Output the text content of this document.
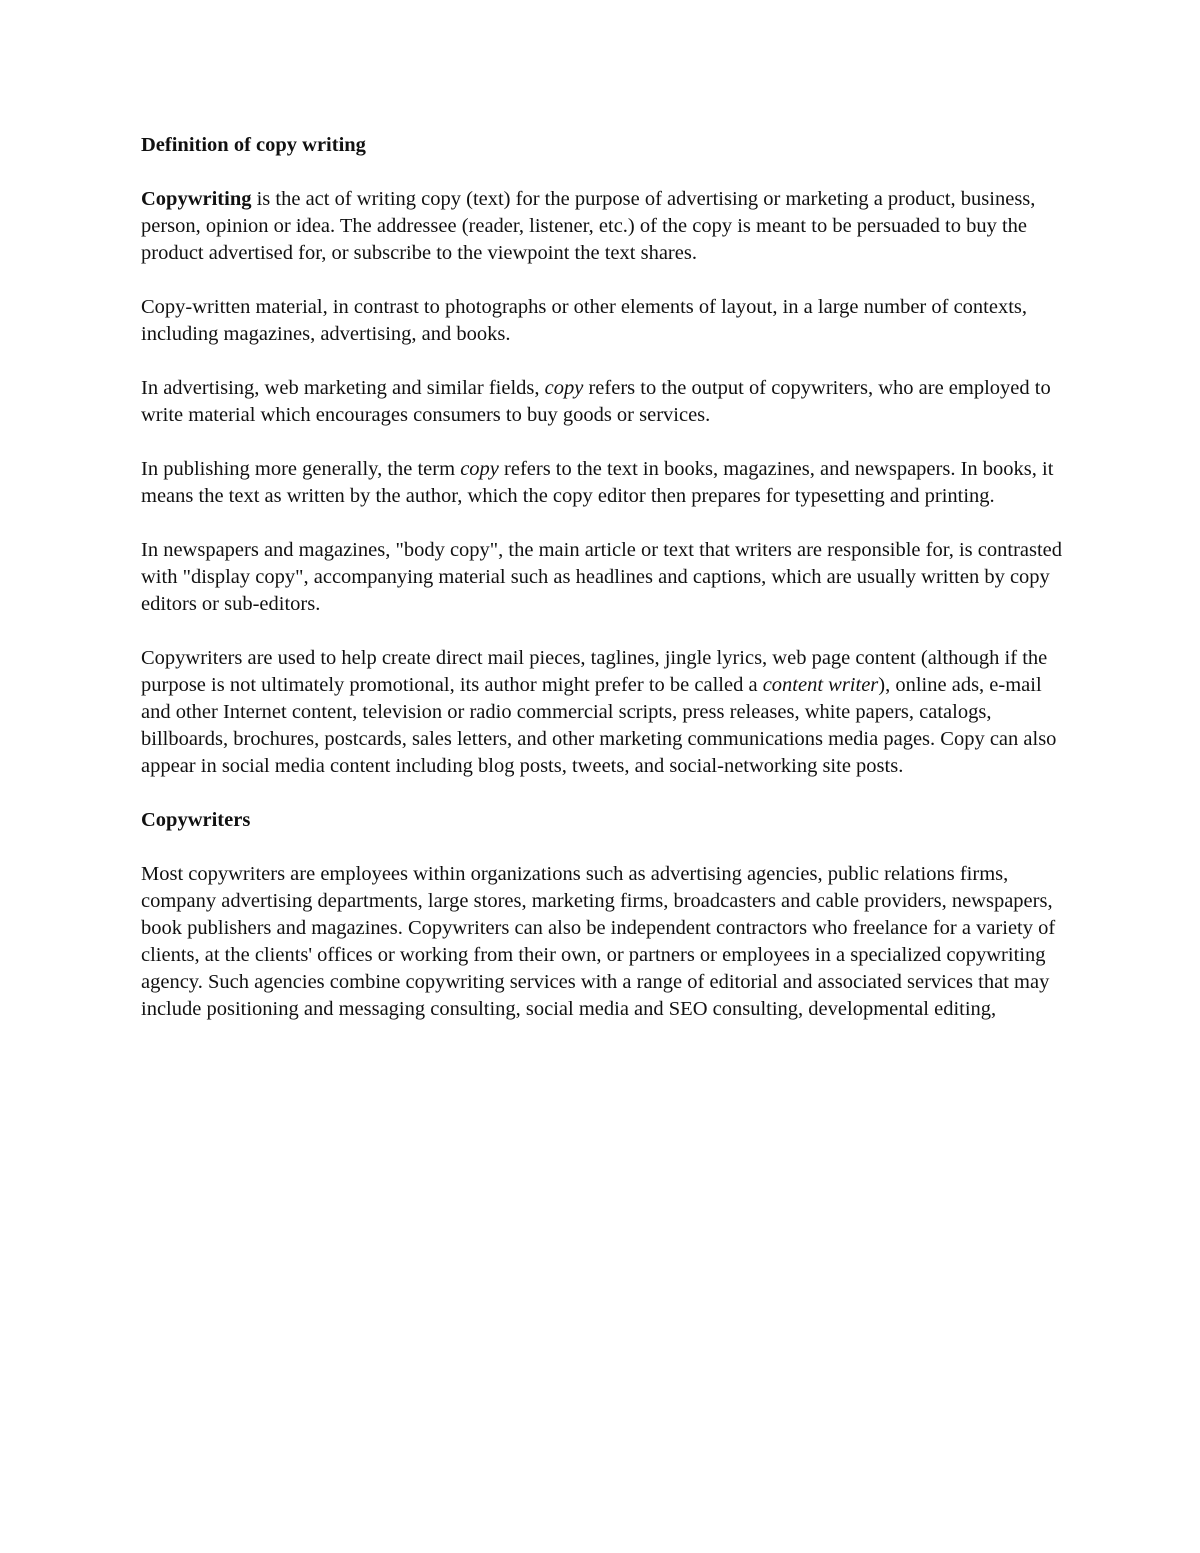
Definition of copy writing

Copywriting is the act of writing copy (text) for the purpose of advertising or marketing a product, business, person, opinion or idea. The addressee (reader, listener, etc.) of the copy is meant to be persuaded to buy the product advertised for, or subscribe to the viewpoint the text shares.

Copy-written material, in contrast to photographs or other elements of layout, in a large number of contexts, including magazines, advertising, and books.

In advertising, web marketing and similar fields, copy refers to the output of copywriters, who are employed to write material which encourages consumers to buy goods or services.

In publishing more generally, the term copy refers to the text in books, magazines, and newspapers. In books, it means the text as written by the author, which the copy editor then prepares for typesetting and printing.

In newspapers and magazines, "body copy", the main article or text that writers are responsible for, is contrasted with "display copy", accompanying material such as headlines and captions, which are usually written by copy editors or sub-editors.

Copywriters are used to help create direct mail pieces, taglines, jingle lyrics, web page content (although if the purpose is not ultimately promotional, its author might prefer to be called a content writer), online ads, e-mail and other Internet content, television or radio commercial scripts, press releases, white papers, catalogs, billboards, brochures, postcards, sales letters, and other marketing communications media pages. Copy can also appear in social media content including blog posts, tweets, and social-networking site posts.

Copywriters

Most copywriters are employees within organizations such as advertising agencies, public relations firms, company advertising departments, large stores, marketing firms, broadcasters and cable providers, newspapers, book publishers and magazines. Copywriters can also be independent contractors who freelance for a variety of clients, at the clients' offices or working from their own, or partners or employees in a specialized copywriting agency. Such agencies combine copywriting services with a range of editorial and associated services that may include positioning and messaging consulting, social media and SEO consulting, developmental editing,
